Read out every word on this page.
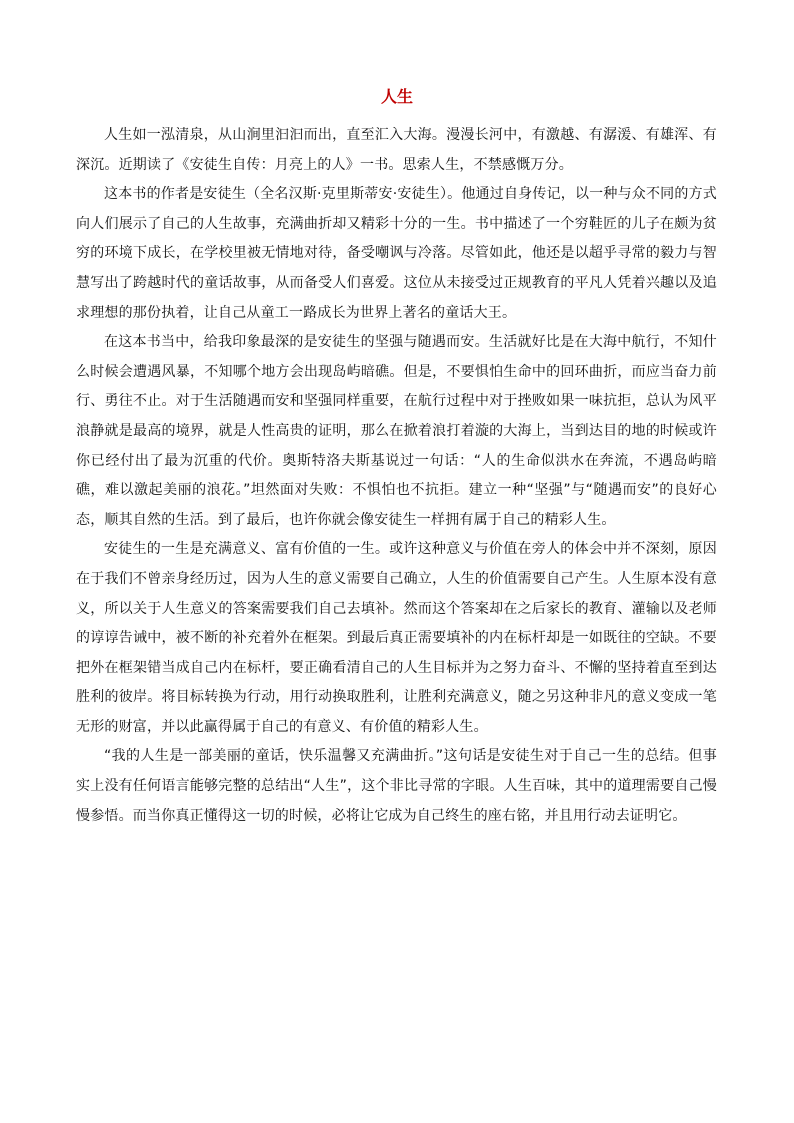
人生

人生如一泓清泉，从山涧里汩汩而出，直至汇入大海。漫漫长河中，有激越、有潺湲、有雄浑、有深沉。近期读了《安徒生自传：月亮上的人》一书。思索人生，不禁感慨万分。

这本书的作者是安徒生（全名汉斯·克里斯蒂安·安徒生）。他通过自身传记，以一种与众不同的方式向人们展示了自己的人生故事，充满曲折却又精彩十分的一生。书中描述了一个穷鞋匠的儿子在颇为贫穷的环境下成长，在学校里被无情地对待，备受嘲讽与冷落。尽管如此，他还是以超乎寻常的毅力与智慧写出了跨越时代的童话故事，从而备受人们喜爱。这位从未接受过正规教育的平凡人凭着兴趣以及追求理想的那份执着，让自己从童工一路成长为世界上著名的童话大王。

在这本书当中，给我印象最深的是安徒生的坚强与随遇而安。生活就好比是在大海中航行，不知什么时候会遭遇风暴，不知哪个地方会出现岛屿暗礁。但是，不要惧怕生命中的回环曲折，而应当奋力前行、勇往不止。对于生活随遇而安和坚强同样重要，在航行过程中对于挫败如果一味抗拒，总认为风平浪静就是最高的境界，就是人性高贵的证明，那么在掀着浪打着漩的大海上，当到达目的地的时候或许你已经付出了最为沉重的代价。奥斯特洛夫斯基说过一句话：“人的生命似洪水在奔流，不遇岛屿暗礁，难以激起美丽的浪花。”坦然面对失败：不惧怕也不抗拒。建立一种“坚强”与“随遇而安”的良好心态，顺其自然的生活。到了最后，也许你就会像安徒生一样拥有属于自己的精彩人生。

安徒生的一生是充满意义、富有价值的一生。或许这种意义与价值在旁人的体会中并不深刻，原因在于我们不曾亲身经历过，因为人生的意义需要自己确立，人生的价值需要自己产生。人生原本没有意义，所以关于人生意义的答案需要我们自己去填补。然而这个答案却在之后家长的教育、灌输以及老师的谆谆告诫中，被不断的补充着外在框架。到最后真正需要填补的内在标杆却是一如既往的空缺。不要把外在框架错当成自己内在标杆，要正确看清自己的人生目标并为之努力奋斗、不懈的坚持着直至到达胜利的彼岸。将目标转换为行动，用行动换取胜利，让胜利充满意义，随之另这种非凡的意义变成一笔无形的财富，并以此赢得属于自己的有意义、有价值的精彩人生。

“我的人生是一部美丽的童话，快乐温馨又充满曲折。”这句话是安徒生对于自己一生的总结。但事实上没有任何语言能够完整的总结出“人生”，这个非比寻常的字眼。人生百味，其中的道理需要自己慢慢参悟。而当你真正懂得这一切的时候，必将让它成为自己终生的座右铭，并且用行动去证明它。
